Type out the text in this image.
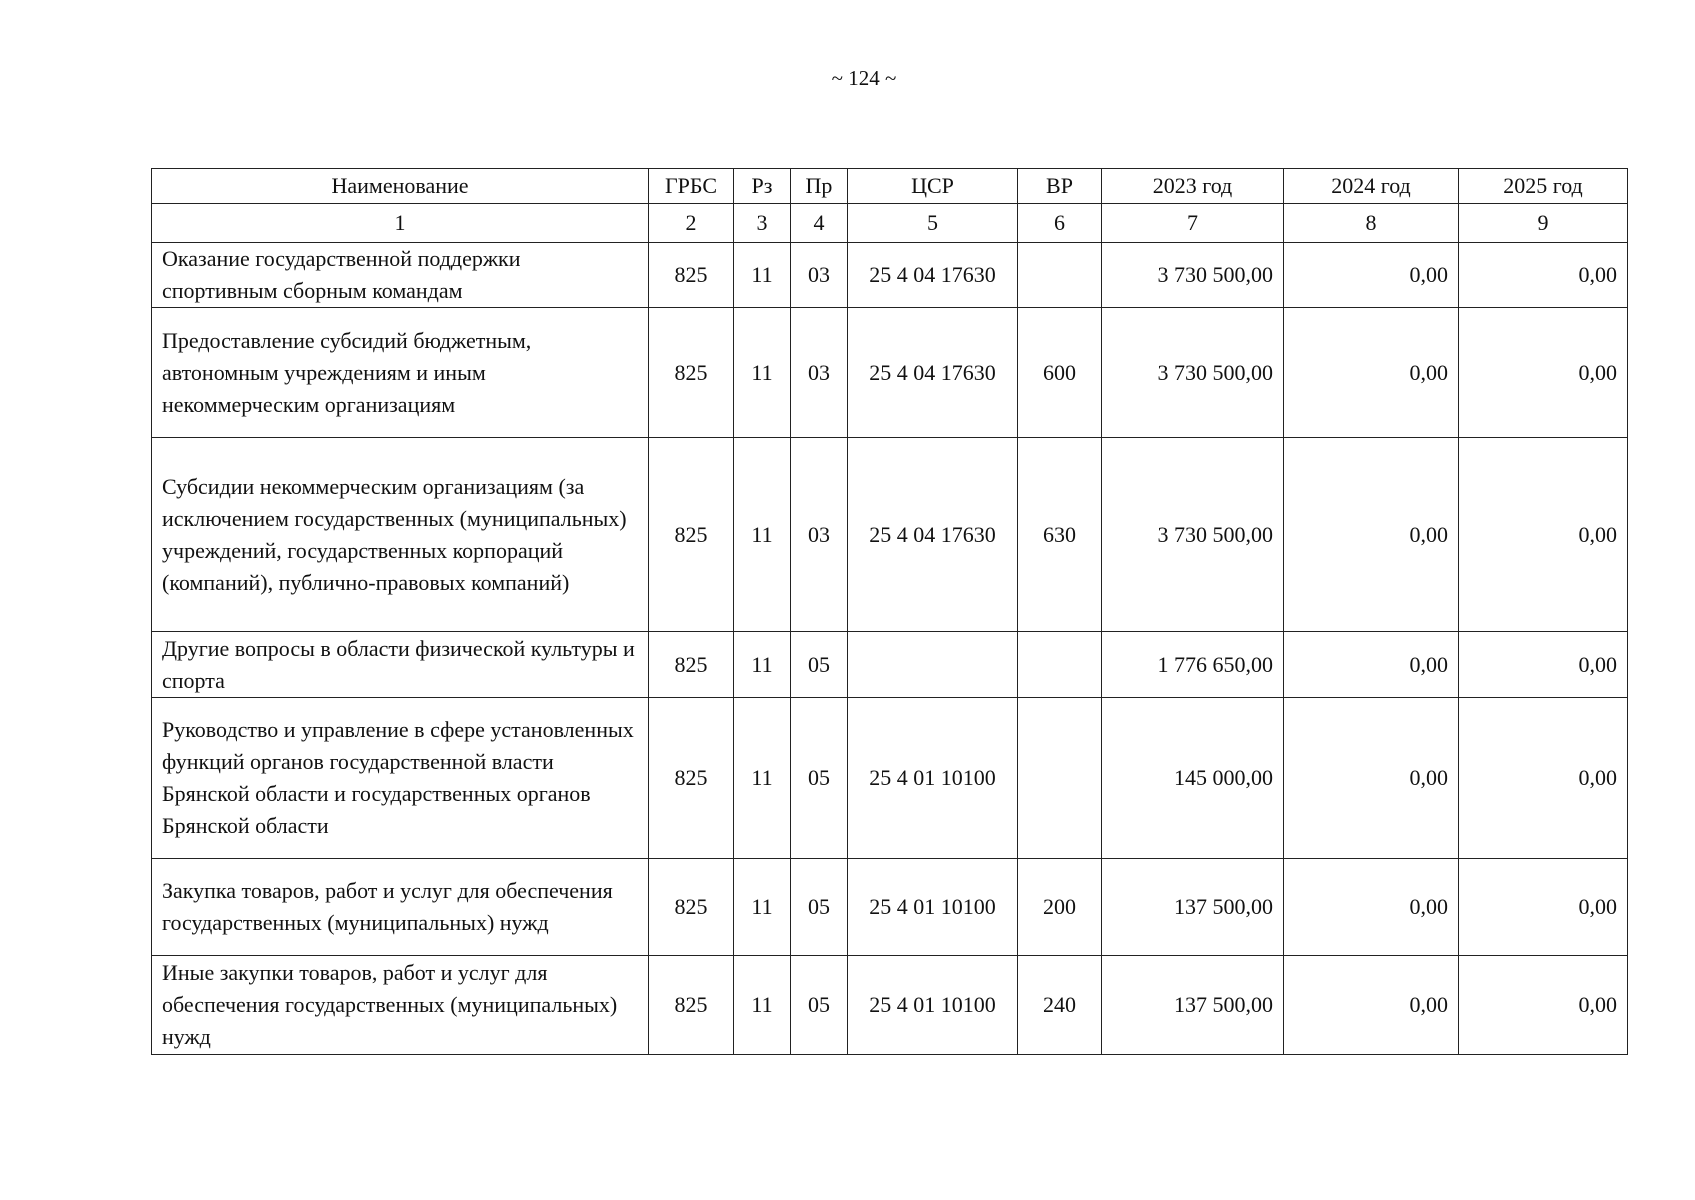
~ 124 ~
Наименование	ГРБС	Рз	Пр	ЦСР	ВР	2023 год	2024 год	2025 год
1	2	3	4	5	6	7	8	9
Оказание государственной поддержки спортивным сборным командам	825	11	03	25 4 04 17630		3 730 500,00	0,00	0,00
Предоставление субсидий бюджетным, автономным учреждениям и иным некоммерческим организациям	825	11	03	25 4 04 17630	600	3 730 500,00	0,00	0,00
Субсидии некоммерческим организациям (за исключением государственных (муниципальных) учреждений, государственных корпораций (компаний), публично-правовых компаний)	825	11	03	25 4 04 17630	630	3 730 500,00	0,00	0,00
Другие вопросы в области физической культуры и спорта	825	11	05			1 776 650,00	0,00	0,00
Руководство и управление в сфере установленных функций органов государственной власти Брянской области и государственных органов Брянской области	825	11	05	25 4 01 10100		145 000,00	0,00	0,00
Закупка товаров, работ и услуг для обеспечения государственных (муниципальных) нужд	825	11	05	25 4 01 10100	200	137 500,00	0,00	0,00
Иные закупки товаров, работ и услуг для обеспечения государственных (муниципальных) нужд	825	11	05	25 4 01 10100	240	137 500,00	0,00	0,00
